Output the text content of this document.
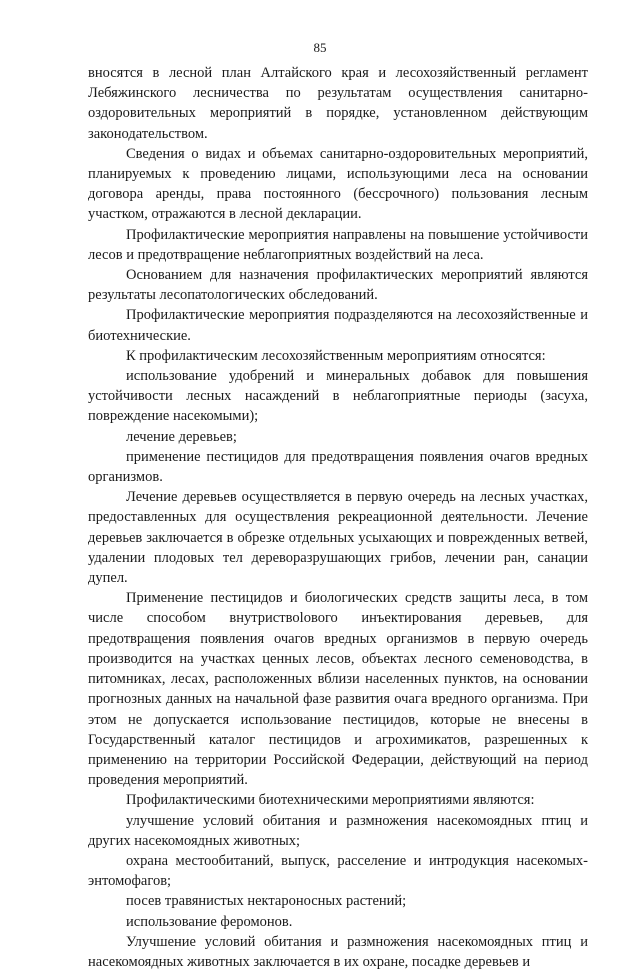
85

вносятся в лесной план Алтайского края и лесохозяйственный регламент Лебяжинского лесничества по результатам осуществления санитарно-оздоровительных мероприятий в порядке, установленном действующим законодательством.

Сведения о видах и объемах санитарно-оздоровительных мероприятий, планируемых к проведению лицами, использующими леса на основании договора аренды, права постоянного (бессрочного) пользования лесным участком, отражаются в лесной декларации.

Профилактические мероприятия направлены на повышение устойчивости лесов и предотвращение неблагоприятных воздействий на леса.

Основанием для назначения профилактических мероприятий являются результаты лесопатологических обследований.

Профилактические мероприятия подразделяются на лесохозяйственные и биотехнические.

К профилактическим лесохозяйственным мероприятиям относятся:

использование удобрений и минеральных добавок для повышения устойчивости лесных насаждений в неблагоприятные периоды (засуха, повреждение насекомыми);

лечение деревьев;

применение пестицидов для предотвращения появления очагов вредных организмов.

Лечение деревьев осуществляется в первую очередь на лесных участках, предоставленных для осуществления рекреационной деятельности. Лечение деревьев заключается в обрезке отдельных усыхающих и поврежденных ветвей, удалении плодовых тел дереворазрушающих грибов, лечении ран, санации дупел.

Применение пестицидов и биологических средств защиты леса, в том числе способом внутриствolового инъектирования деревьев, для предотвращения появления очагов вредных организмов в первую очередь производится на участках ценных лесов, объектах лесного семеноводства, в питомниках, лесах, расположенных вблизи населенных пунктов, на основании прогнозных данных на начальной фазе развития очага вредного организма. При этом не допускается использование пестицидов, которые не внесены в Государственный каталог пестицидов и агрохимикатов, разрешенных к применению на территории Российской Федерации, действующий на период проведения мероприятий.

Профилактическими биотехническими мероприятиями являются:

улучшение условий обитания и размножения насекомоядных птиц и других насекомоядных животных;

охрана местообитаний, выпуск, расселение и интродукция насекомых-энтомофагов;

посев травянистых нектароносных растений;

использование феромонов.

Улучшение условий обитания и размножения насекомоядных птиц и насекомоядных животных заключается в их охране, посадке деревьев и
